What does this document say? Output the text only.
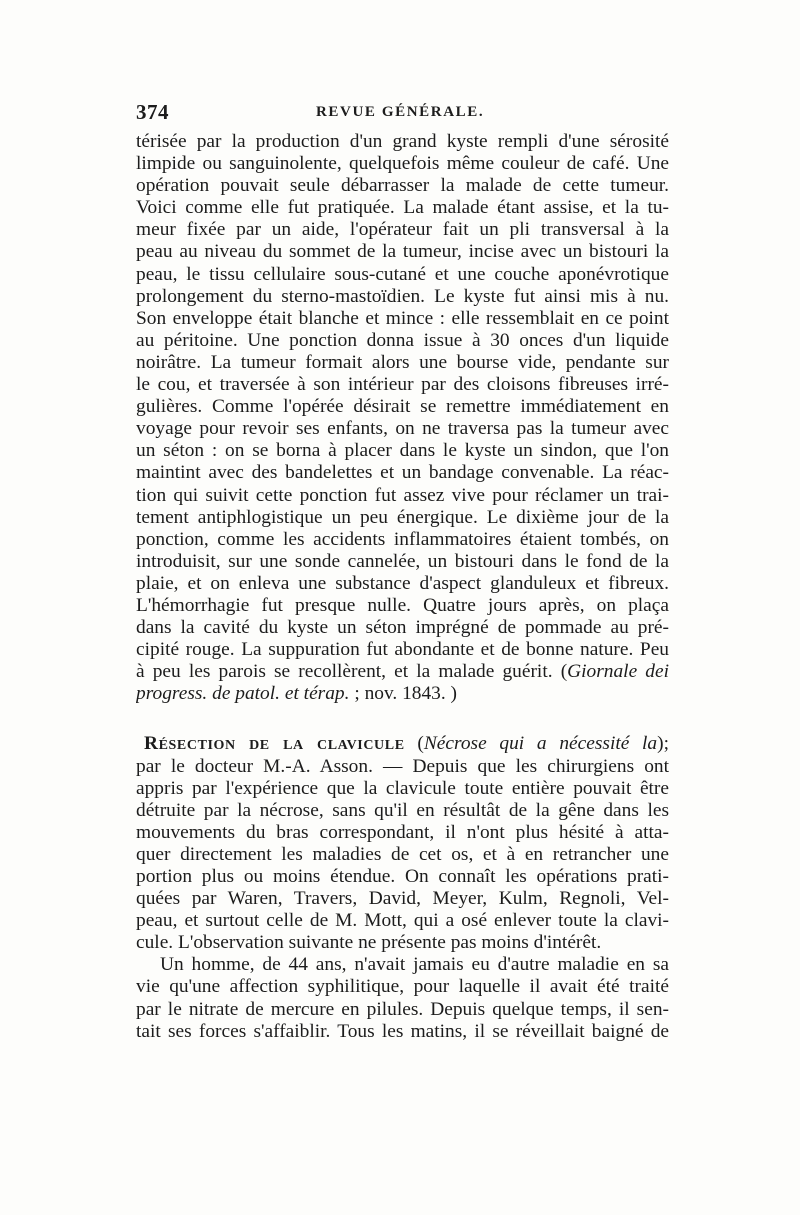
374	REVUE GÉNÉRALE.
térisée par la production d'un grand kyste rempli d'une sérosité
limpide ou sanguinolente, quelquefois même couleur de café. Une
opération pouvait seule débarrasser la malade de cette tumeur.
Voici comme elle fut pratiquée. La malade étant assise, et la tu-
meur fixée par un aide, l'opérateur fait un pli transversal à la
peau au niveau du sommet de la tumeur, incise avec un bistouri la
peau, le tissu cellulaire sous-cutané et une couche aponévrotique
prolongement du sterno-mastoïdien. Le kyste fut ainsi mis à nu.
Son enveloppe était blanche et mince : elle ressemblait en ce point
au péritoine. Une ponction donna issue à 30 onces d'un liquide
noirâtre. La tumeur formait alors une bourse vide, pendante sur
le cou, et traversée à son intérieur par des cloisons fibreuses irré-
gulières. Comme l'opérée désirait se remettre immédiatement en
voyage pour revoir ses enfants, on ne traversa pas la tumeur avec
un séton : on se borna à placer dans le kyste un sindon, que l'on
maintint avec des bandelettes et un bandage convenable. La réac-
tion qui suivit cette ponction fut assez vive pour réclamer un trai-
tement antiphlogistique un peu énergique. Le dixième jour de la
ponction, comme les accidents inflammatoires étaient tombés, on
introduisit, sur une sonde cannelée, un bistouri dans le fond de la
plaie, et on enleva une substance d'aspect glanduleux et fibreux.
L'hémorrhagie fut presque nulle. Quatre jours après, on plaça
dans la cavité du kyste un séton imprégné de pommade au pré-
cipité rouge. La suppuration fut abondante et de bonne nature. Peu
à peu les parois se recollèrent, et la malade guérit. (Giornale dei
progress. de patol. et térap. ; nov. 1843. )
Résection de la clavicule (Nécrose qui a nécessité la);
par le docteur M.-A. Asson. — Depuis que les chirurgiens ont
appris par l'expérience que la clavicule toute entière pouvait être
détruite par la nécrose, sans qu'il en résultât de la gêne dans les
mouvements du bras correspondant, il n'ont plus hésité à atta-
quer directement les maladies de cet os, et à en retrancher une
portion plus ou moins étendue. On connaît les opérations prati-
quées par Waren, Travers, David, Meyer, Kulm, Regnoli, Vel-
peau, et surtout celle de M. Mott, qui a osé enlever toute la clavi-
cule. L'observation suivante ne présente pas moins d'intérêt.
Un homme, de 44 ans, n'avait jamais eu d'autre maladie en sa
vie qu'une affection syphilitique, pour laquelle il avait été traité
par le nitrate de mercure en pilules. Depuis quelque temps, il sen-
tait ses forces s'affaiblir. Tous les matins, il se réveillait baigné de
